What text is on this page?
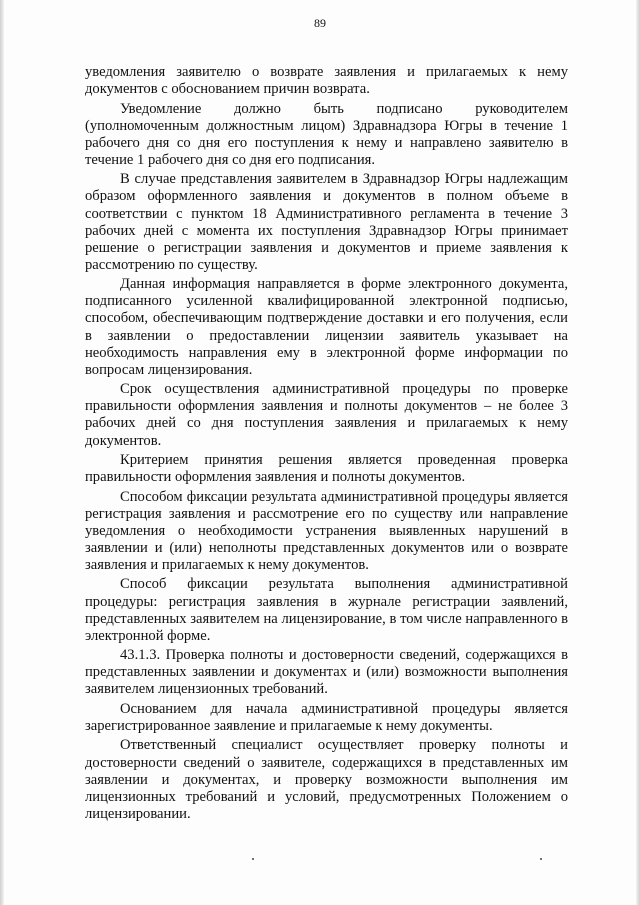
89

уведомления заявителю о возврате заявления и прилагаемых к нему документов с обоснованием причин возврата.

Уведомление должно быть подписано руководителем (уполномоченным должностным лицом) Здравнадзора Югры в течение 1 рабочего дня со дня его поступления к нему и направлено заявителю в течение 1 рабочего дня со дня его подписания.

В случае представления заявителем в Здравнадзор Югры надлежащим образом оформленного заявления и документов в полном объеме в соответствии с пунктом 18 Административного регламента в течение 3 рабочих дней с момента их поступления Здравнадзор Югры принимает решение о регистрации заявления и документов и приеме заявления к рассмотрению по существу.

Данная информация направляется в форме электронного документа, подписанного усиленной квалифицированной электронной подписью, способом, обеспечивающим подтверждение доставки и его получения, если в заявлении о предоставлении лицензии заявитель указывает на необходимость направления ему в электронной форме информации по вопросам лицензирования.

Срок осуществления административной процедуры по проверке правильности оформления заявления и полноты документов – не более 3 рабочих дней со дня поступления заявления и прилагаемых к нему документов.

Критерием принятия решения является проведенная проверка правильности оформления заявления и полноты документов.

Способом фиксации результата административной процедуры является регистрация заявления и рассмотрение его по существу или направление уведомления о необходимости устранения выявленных нарушений в заявлении и (или) неполноты представленных документов или о возврате заявления и прилагаемых к нему документов.

Способ фиксации результата выполнения административной процедуры: регистрация заявления в журнале регистрации заявлений, представленных заявителем на лицензирование, в том числе направленного в электронной форме.

43.1.3. Проверка полноты и достоверности сведений, содержащихся в представленных заявлении и документах и (или) возможности выполнения заявителем лицензионных требований.

Основанием для начала административной процедуры является зарегистрированное заявление и прилагаемые к нему документы.

Ответственный специалист осуществляет проверку полноты и достоверности сведений о заявителе, содержащихся в представленных им заявлении и документах, и проверку возможности выполнения им лицензионных требований и условий, предусмотренных Положением о лицензировании.
